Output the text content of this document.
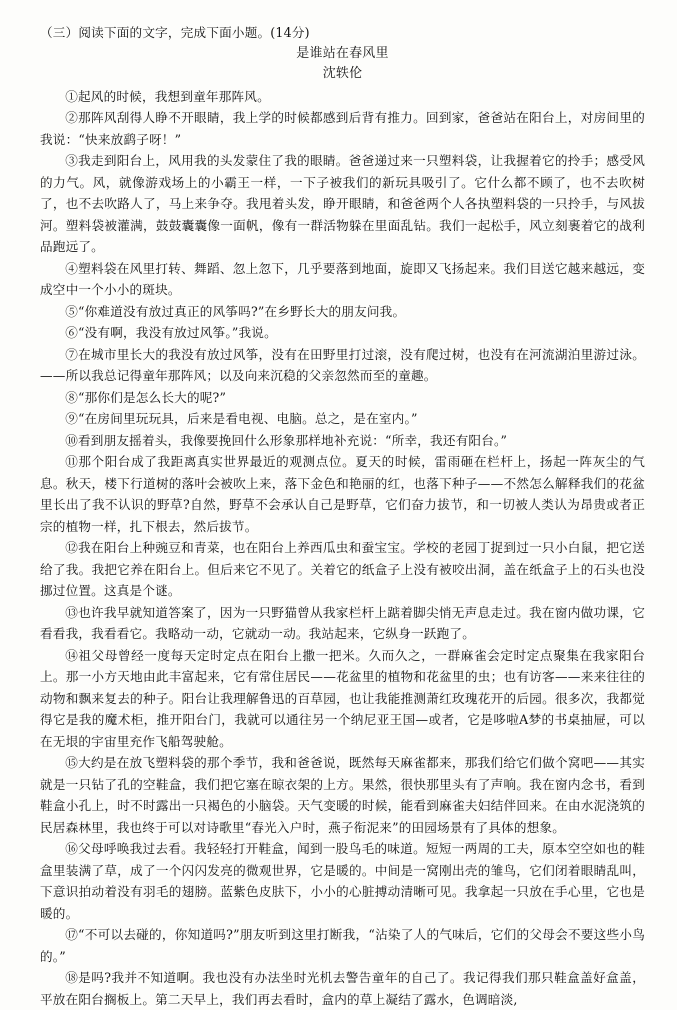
（三）阅读下面的文字，完成下面小题。(14分)

是谁站在春风里

沈轶伦

①起风的时候，我想到童年那阵风。

②那阵风刮得人睁不开眼睛，我上学的时候都感到后背有推力。回到家，爸爸站在阳台上，对房间里的我说：“快来放鹞子呀！”

③我走到阳台上，风用我的头发蒙住了我的眼睛。爸爸递过来一只塑料袋，让我握着它的拎手；感受风的力气。风，就像游戏场上的小霸王一样，一下子被我们的新玩具吸引了。它什么都不顾了，也不去吹树了，也不去吹路人了，马上来争夺。我甩着头发，睁开眼睛，和爸爸两个人各执塑料袋的一只拎手，与风拔河。塑料袋被灌满，鼓鼓囊囊像一面帆，像有一群活物躲在里面乱钻。我们一起松手，风立刻裹着它的战利品跑远了。

④塑料袋在风里打转、舞蹈、忽上忽下，几乎要落到地面，旋即又飞扬起来。我们目送它越来越远，变成空中一个小小的斑块。

⑤“你难道没有放过真正的风筝吗?”在乡野长大的朋友问我。

⑥“没有啊，我没有放过风筝。”我说。

⑦在城市里长大的我没有放过风筝，没有在田野里打过滚，没有爬过树，也没有在河流湖泊里游过泳。——所以我总记得童年那阵风；以及向来沉稳的父亲忽然而至的童趣。

⑧“那你们是怎么长大的呢?”

⑨“在房间里玩玩具，后来是看电视、电脑。总之，是在室内。”

⑩看到朋友摇着头，我像要挽回什么形象那样地补充说：“所幸，我还有阳台。”

⑪那个阳台成了我距离真实世界最近的观测点位。夏天的时候，雷雨砸在栏杆上，扬起一阵灰尘的气息。秋天，楼下行道树的落叶会被吹上来，落下金色和艳丽的红，也落下种子——不然怎么解释我们的花盆里长出了我不认识的野草?自然，野草不会承认自己是野草，它们奋力拔节，和一切被人类认为昂贵或者正宗的植物一样，扎下根去，然后拔节。

⑫我在阳台上种豌豆和青菜，也在阳台上养西瓜虫和蚕宝宝。学校的老园丁捉到过一只小白鼠，把它送给了我。我把它养在阳台上。但后来它不见了。关着它的纸盒子上没有被咬出洞，盖在纸盒子上的石头也没挪过位置。这真是个谜。

⑬也许我早就知道答案了，因为一只野猫曾从我家栏杆上踮着脚尖悄无声息走过。我在窗内做功课，它看看我，我看看它。我略动一动，它就动一动。我站起来，它纵身一跃跑了。

⑭祖父母曾经一度每天定时定点在阳台上撒一把米。久而久之，一群麻雀会定时定点聚集在我家阳台上。那一小方天地由此丰富起来，它有常住居民——花盆里的植物和花盆里的虫；也有访客——来来往往的动物和飘来复去的种子。阳台让我理解鲁迅的百草园，也让我能推测萧红玫瑰花开的后园。很多次，我都觉得它是我的魔术柜，推开阳台门，我就可以通往另一个纳尼亚王国—或者，它是哆啦A梦的书桌抽屉，可以在无垠的宇宙里充作飞船驾驶舱。

⑮大约是在放飞塑料袋的那个季节，我和爸爸说，既然每天麻雀都来，那我们给它们做个窝吧——其实就是一只钻了孔的空鞋盒，我们把它塞在晾衣架的上方。果然，很快那里头有了声响。我在窗内念书，看到鞋盒小孔上，时不时露出一只褐色的小脑袋。天气变暖的时候，能看到麻雀夫妇结伴回来。在由水泥浇筑的民居森林里，我也终于可以对诗歌里“春光入户时，燕子衔泥来”的田园场景有了具体的想象。

⑯父母呼唤我过去看。我轻轻打开鞋盒，闻到一股鸟毛的味道。短短一两周的工夫，原本空空如也的鞋盒里装满了草，成了一个闪闪发亮的微观世界，它是暖的。中间是一窝刚出壳的雏鸟，它们闭着眼睛乱叫，下意识拍动着没有羽毛的翅膀。蓝紫色皮肤下，小小的心脏搏动清晰可见。我拿起一只放在手心里，它也是暖的。

⑰“不可以去碰的，你知道吗?”朋友听到这里打断我，“沾染了人的气味后，它们的父母会不要这些小鸟的。”

⑱是吗?我并不知道啊。我也没有办法坐时光机去警告童年的自己了。我记得我们那只鞋盒盖好盒盖，平放在阳台搁板上。第二天早上，我们再去看时，盒内的草上凝结了露水，色调暗淡,
